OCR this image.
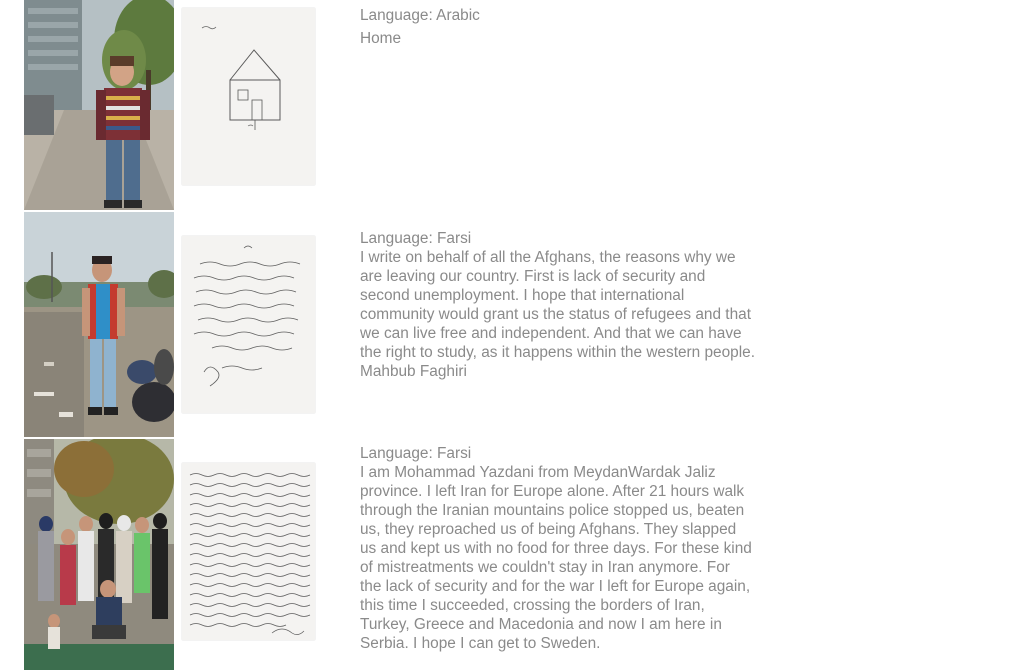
Language: Arabic
Home
Language: Farsi
I write on behalf of all the Afghans, the reasons why we are leaving our country. First is lack of security and second unemployment. I hope that international community would grant us the status of refugees and that we can live free and independent. And that we can have the right to study, as it happens within the western people. Mahbub Faghiri
Language: Farsi
I am Mohammad Yazdani from MeydanWardak Jaliz province. I left Iran for Europe alone. After 21 hours walk through the Iranian mountains police stopped us, beaten us, they reproached us of being Afghans. They slapped us and kept us with no food for three days. For these kind of mistreatments we couldn't stay in Iran anymore. For the lack of security and for the war I left for Europe again, this time I succeeded, crossing the borders of Iran, Turkey, Greece and Macedonia and now I am here in Serbia. I hope I can get to Sweden.
